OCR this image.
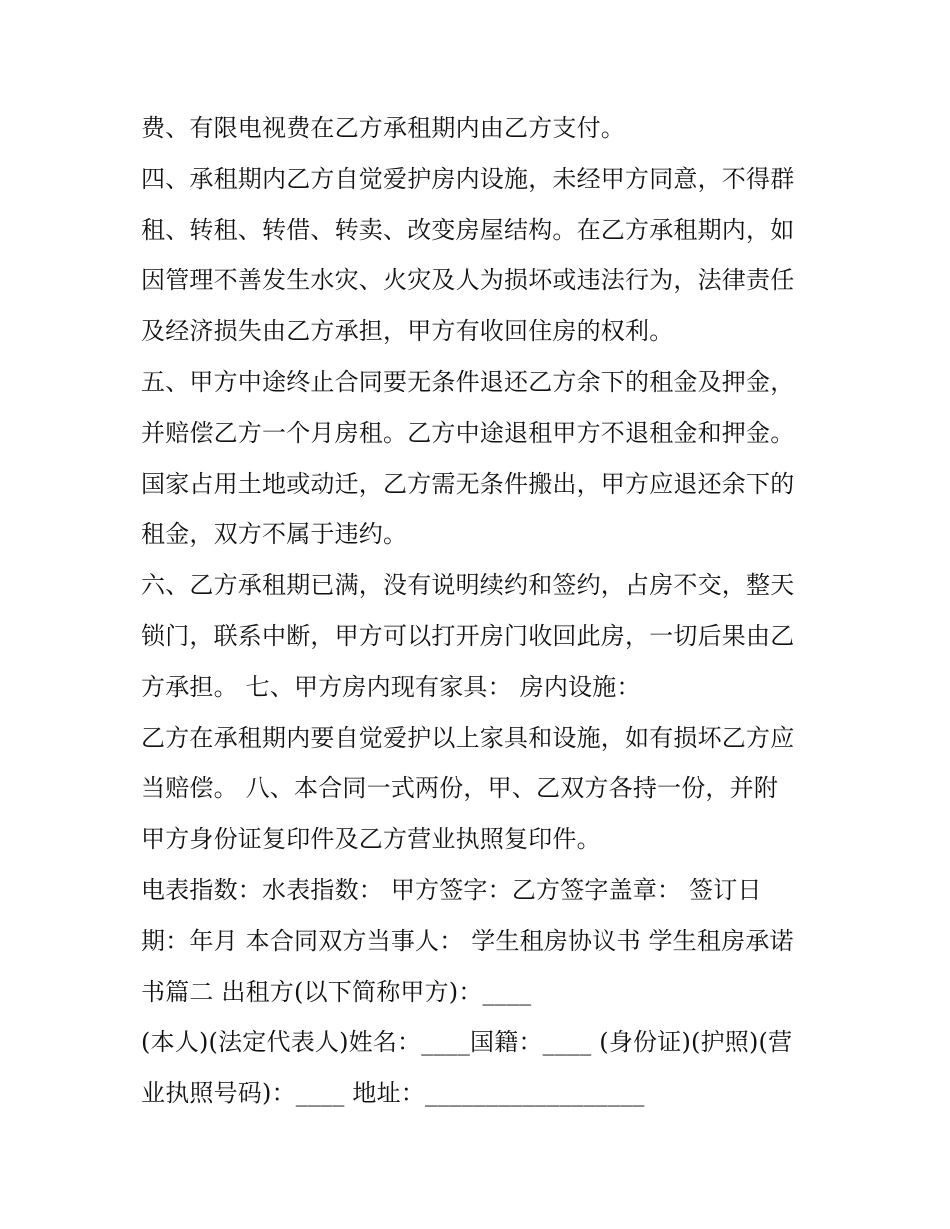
费、有限电视费在乙方承租期内由乙方支付。
四、承租期内乙方自觉爱护房内设施，未经甲方同意，不得群
租、转租、转借、转卖、改变房屋结构。在乙方承租期内，如
因管理不善发生水灾、火灾及人为损坏或违法行为，法律责任
及经济损失由乙方承担，甲方有收回住房的权利。
五、甲方中途终止合同要无条件退还乙方余下的租金及押金，
并赔偿乙方一个月房租。乙方中途退租甲方不退租金和押金。
国家占用土地或动迁，乙方需无条件搬出，甲方应退还余下的
租金，双方不属于违约。
六、乙方承租期已满，没有说明续约和签约，占房不交，整天
锁门，联系中断，甲方可以打开房门收回此房，一切后果由乙
方承担。 七、甲方房内现有家具： 房内设施：
乙方在承租期内要自觉爱护以上家具和设施，如有损坏乙方应
当赔偿。 八、本合同一式两份，甲、乙双方各持一份，并附
甲方身份证复印件及乙方营业执照复印件。
电表指数：水表指数： 甲方签字：乙方签字盖章： 签订日
期：年月 本合同双方当事人： 学生租房协议书 学生租房承诺
书篇二 出租方(以下简称甲方)：____
(本人)(法定代表人)姓名：____国籍：____ (身份证)(护照)(营
业执照号码)：____ 地址：__________________
